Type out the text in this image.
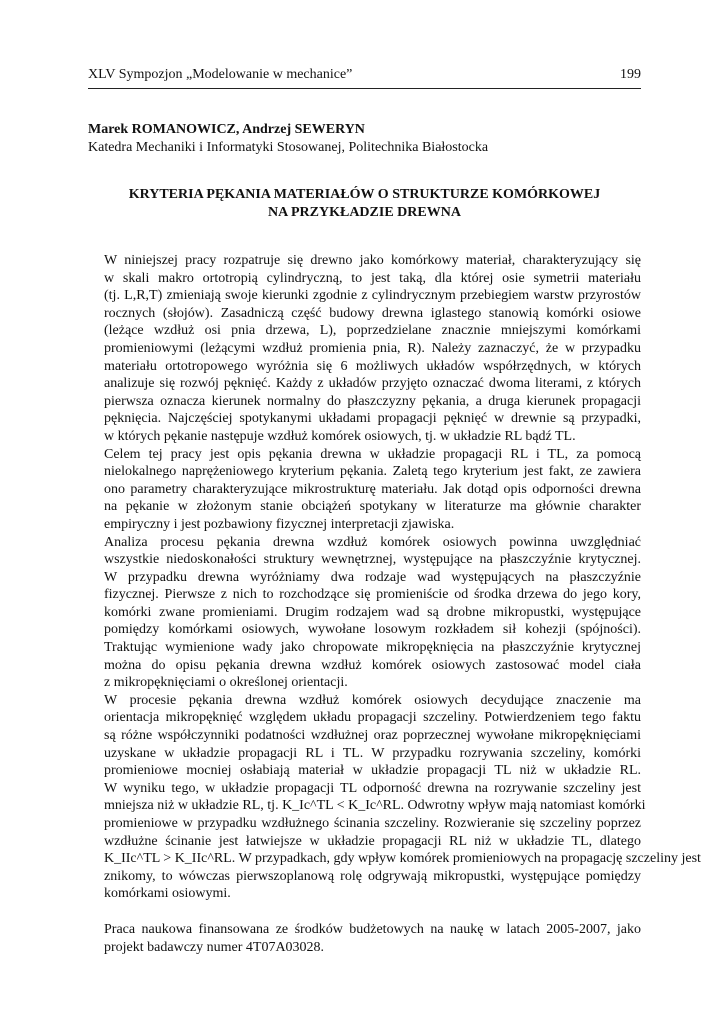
XLV Sympozjon „Modelowanie w mechanice”	199
Marek ROMANOWICZ, Andrzej SEWERYN
Katedra Mechaniki i Informatyki Stosowanej, Politechnika Białostocka
KRYTERIA PĘKANIA MATERIAŁÓW O STRUKTURZE KOMÓRKOWEJ
NA PRZYKŁADZIE DREWNA

W niniejszej pracy rozpatruje się drewno jako komórkowy materiał, charakteryzujący się
w skali makro ortotropią cylindryczną, to jest taką, dla której osie symetrii materiału
(tj. L,R,T) zmieniają swoje kierunki zgodnie z cylindrycznym przebiegiem warstw przyrostów
rocznych (słojów). Zasadniczą część budowy drewna iglastego stanowią komórki osiowe
(leżące wzdłuż osi pnia drzewa, L), poprzedzielane znacznie mniejszymi komórkami
promieniowymi (leżącymi wzdłuż promienia pnia, R). Należy zaznaczyć, że w przypadku
materiału ortotropowego wyróżnia się 6 możliwych układów współrzędnych, w których
analizuje się rozwój pęknięć. Każdy z układów przyjęto oznaczać dwoma literami, z których
pierwsza oznacza kierunek normalny do płaszczyzny pękania, a druga kierunek propagacji
pęknięcia. Najczęściej spotykanymi układami propagacji pęknięć w drewnie są przypadki,
w których pękanie następuje wzdłuż komórek osiowych, tj. w układzie RL bądź TL.

Celem tej pracy jest opis pękania drewna w układzie propagacji RL i TL, za pomocą
nielokalnego naprężeniowego kryterium pękania. Zaletą tego kryterium jest fakt, ze zawiera
ono parametry charakteryzujące mikrostrukturę materiału. Jak dotąd opis odporności drewna
na pękanie w złożonym stanie obciążeń spotykany w literaturze ma głównie charakter
empiryczny i jest pozbawiony fizycznej interpretacji zjawiska.

Analiza procesu pękania drewna wzdłuż komórek osiowych powinna uwzględniać
wszystkie niedoskonałości struktury wewnętrznej, występujące na płaszczyźnie krytycznej.
W przypadku drewna wyróżniamy dwa rodzaje wad występujących na płaszczyźnie
fizycznej. Pierwsze z nich to rozchodzące się promieniście od środka drzewa do jego kory,
komórki zwane promieniami. Drugim rodzajem wad są drobne mikropustki, występujące
pomiędzy komórkami osiowych, wywołane losowym rozkładem sił kohezji (spójności).
Traktując wymienione wady jako chropowate mikropęknięcia na płaszczyźnie krytycznej
można do opisu pękania drewna wzdłuż komórek osiowych zastosować model ciała
z mikropęknięciami o określonej orientacji.

W procesie pękania drewna wzdłuż komórek osiowych decydujące znaczenie ma
orientacja mikropęknięć względem układu propagacji szczeliny. Potwierdzeniem tego faktu
są różne współczynniki podatności wzdłużnej oraz poprzecznej wywołane mikropęknięciami
uzyskane w układzie propagacji RL i TL. W przypadku rozrywania szczeliny, komórki
promieniowe mocniej osłabiają materiał w układzie propagacji TL niż w układzie RL.
W wyniku tego, w układzie propagacji TL odporność drewna na rozrywanie szczeliny jest
mniejsza niż w układzie RL, tj. K_Ic^TL < K_Ic^RL. Odwrotny wpływ mają natomiast komórki
promieniowe w przypadku wzdłużnego ścinania szczeliny. Rozwieranie się szczeliny poprzez
wzdłużne ścinanie jest łatwiejsze w układzie propagacji RL niż w układzie TL, dlatego
K_IIc^TL > K_IIc^RL. W przypadkach, gdy wpływ komórek promieniowych na propagację szczeliny jest
znikomy, to wówczas pierwszoplanową rolę odgrywają mikropustki, występujące pomiędzy
komórkami osiowymi.

Praca naukowa finansowana ze środków budżetowych na naukę w latach 2005-2007, jako
projekt badawczy numer 4T07A03028.
